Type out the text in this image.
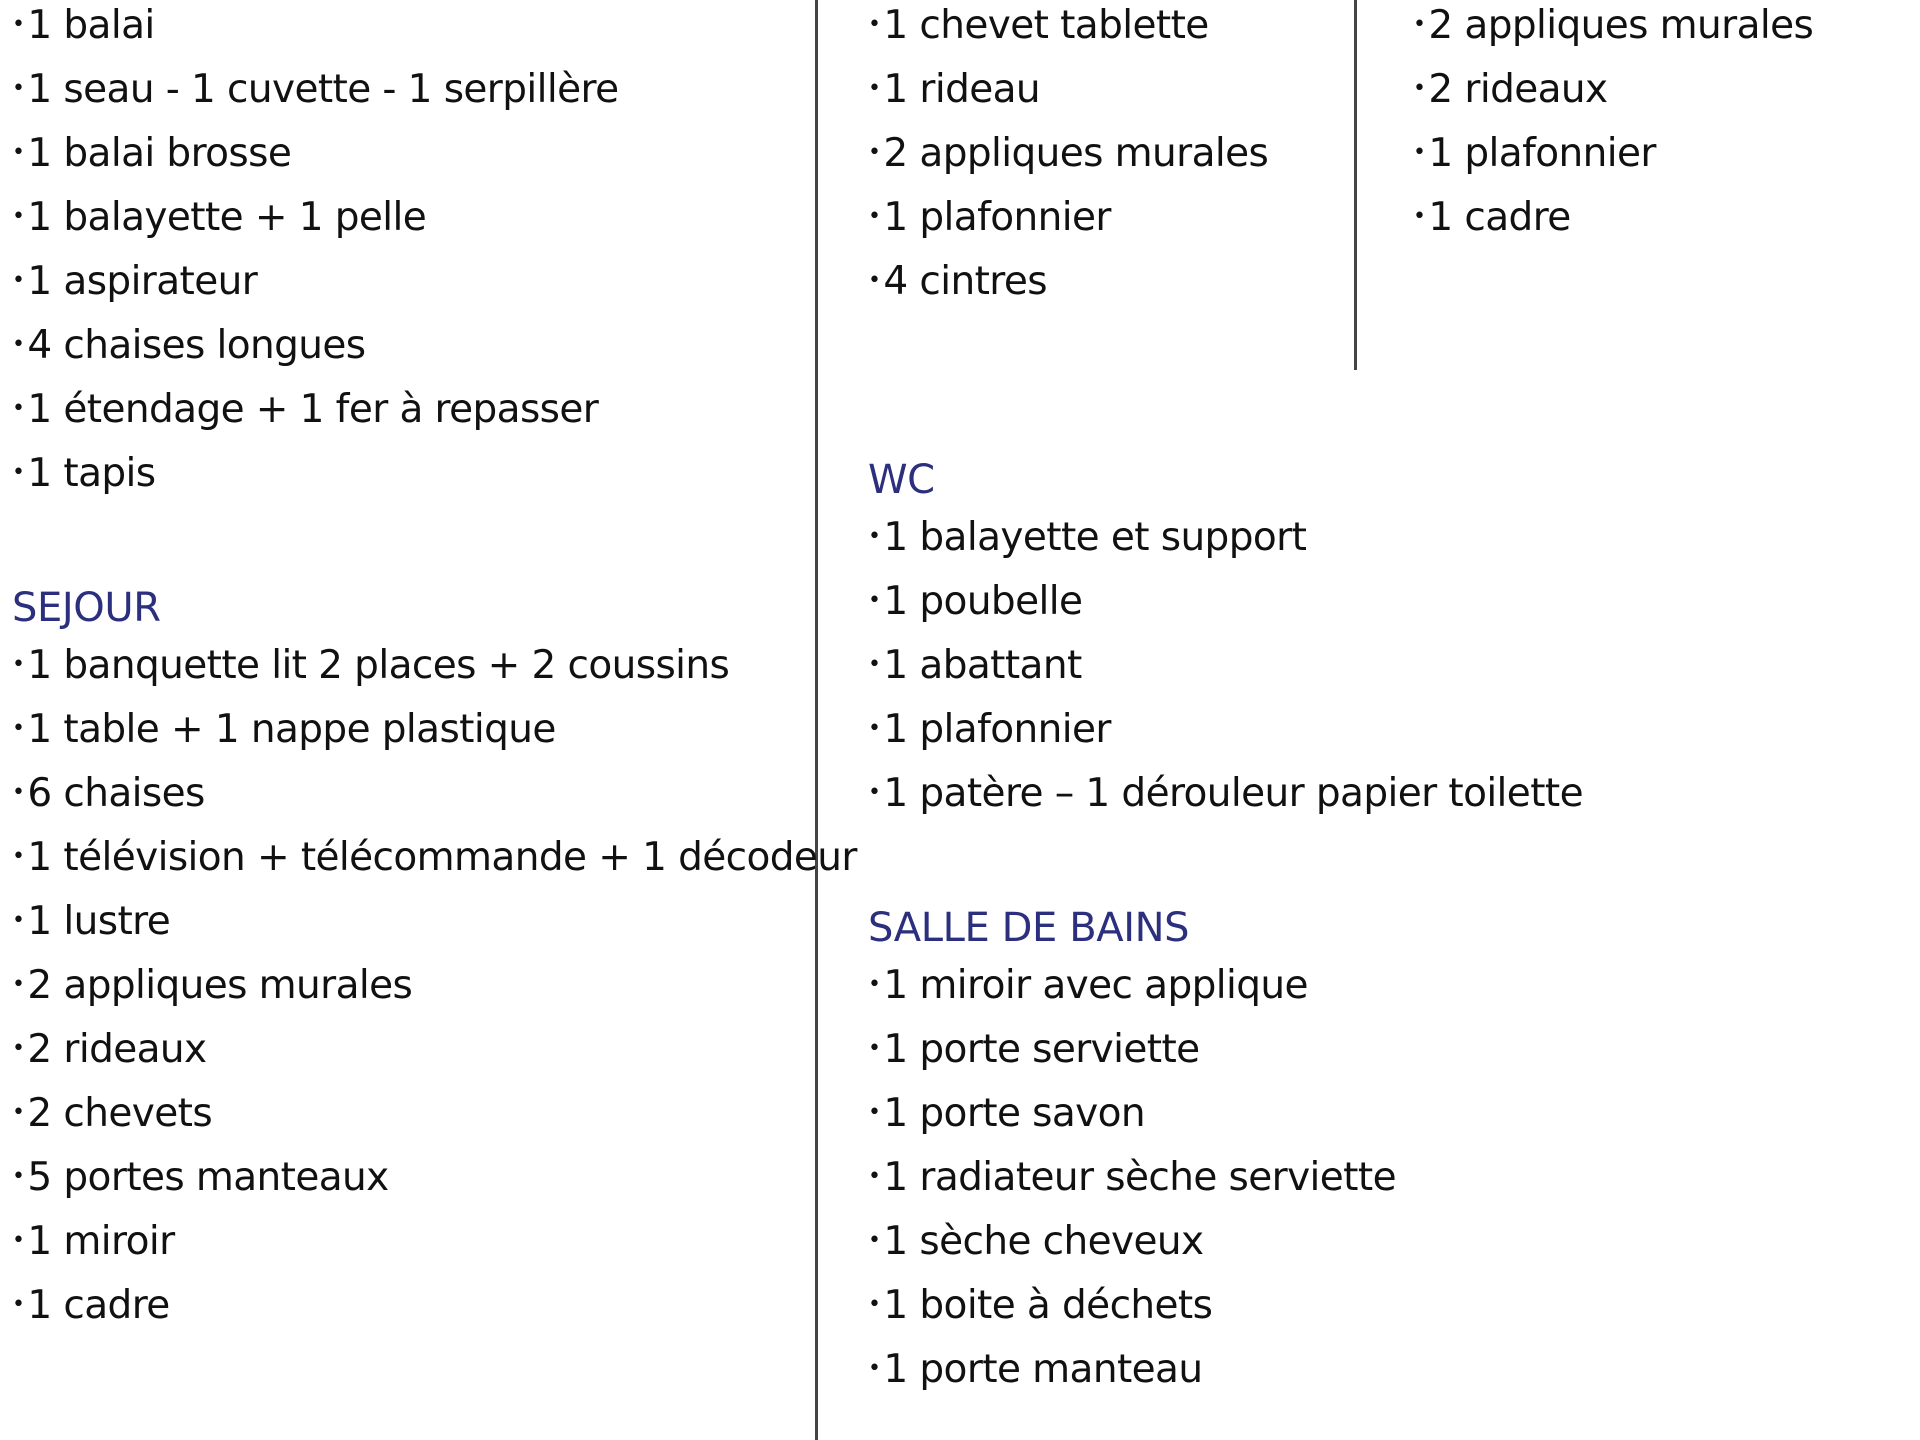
•1 balai
•1 seau - 1 cuvette - 1 serpillère
•1 balai brosse
•1 balayette + 1 pelle
•1 aspirateur
•4 chaises longues
•1 étendage + 1 fer à repasser
•1 tapis
SEJOUR
•1 banquette lit 2 places + 2 coussins
•1 table + 1 nappe plastique
•6 chaises
•1 télévision + télécommande + 1 décodeur
•1 lustre
•2 appliques murales
•2 rideaux
•2 chevets
•5 portes manteaux
•1 miroir
•1 cadre
•1 chevet tablette
•1 rideau
•2 appliques murales
•1 plafonnier
•4 cintres
WC
•1 balayette et support
•1 poubelle
•1 abattant
•1 plafonnier
•1 patère – 1 dérouleur papier toilette
SALLE DE BAINS
•1 miroir avec applique
•1 porte serviette
•1 porte savon
•1 radiateur sèche serviette
•1 sèche cheveux
•1 boite à déchets
•1 porte manteau
•2 appliques murales
•2 rideaux
•1 plafonnier
•1 cadre
